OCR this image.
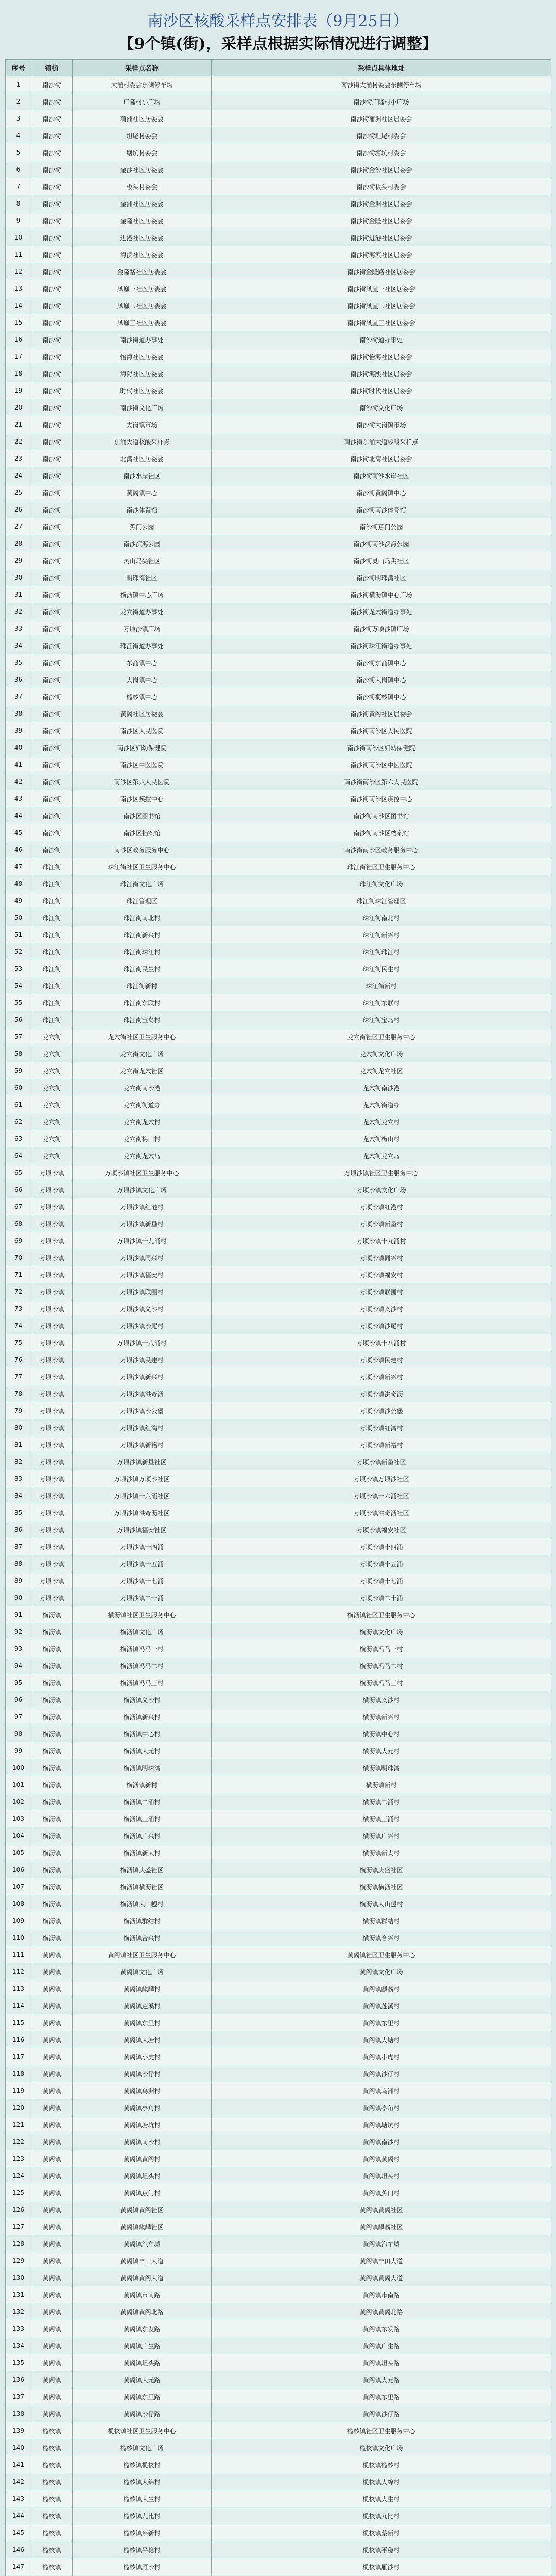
南沙区核酸采样点安排表（9月25日）
【9个镇(街)，采样点根据实际情况进行调整】
序号	镇街	采样点名称	采样点具体地址
1	南沙街	大涌村委会东侧停车场	南沙街大涌村委会东侧停车场
2	南沙街	广隆村小广场	南沙街广隆村小广场
3	南沙街	蒲洲社区居委会	南沙街蒲洲社区居委会
4	南沙街	坦尾村委会	南沙街坦尾村委会
5	南沙街	塘坑村委会	南沙街塘坑村委会
6	南沙街	金沙社区居委会	南沙街金沙社区居委会
7	南沙街	板头村委会	南沙街板头村委会
8	南沙街	金洲社区居委会	南沙街金洲社区居委会
9	南沙街	金隆社区居委会	南沙街金隆社区居委会
10	南沙街	进港社区居委会	南沙街进港社区居委会
11	南沙街	海滨社区居委会	南沙街海滨社区居委会
12	南沙街	金隆路社区居委会	南沙街金隆路社区居委会
13	南沙街	凤凰一社区居委会	南沙街凤凰一社区居委会
14	南沙街	凤凰二社区居委会	南沙街凤凰二社区居委会
15	南沙街	凤凰三社区居委会	南沙街凤凰三社区居委会
16	南沙街	南沙街道办事处	南沙街道办事处
17	南沙街	怡海社区居委会	南沙街怡海社区居委会
18	南沙街	海熙社区居委会	南沙街海熙社区居委会
19	南沙街	时代社区居委会	南沙街时代社区居委会
20	南沙街	南沙街文化广场	南沙街文化广场
21	南沙街	大岗镇市场	南沙街大岗镇市场
22	南沙街	东涌大道核酸采样点	南沙街东涌大道核酸采样点
23	南沙街	北湾社区居委会	南沙街北湾社区居委会
24	南沙街	南沙水岸社区	南沙街南沙水岸社区
25	南沙街	黄阁镇中心	南沙街黄阁镇中心
26	南沙街	南沙体育馆	南沙街南沙体育馆
27	南沙街	蕉门公园	南沙街蕉门公园
28	南沙街	南沙滨海公园	南沙街南沙滨海公园
29	南沙街	灵山岛尖社区	南沙街灵山岛尖社区
30	南沙街	明珠湾社区	南沙街明珠湾社区
31	南沙街	横沥镇中心广场	南沙街横沥镇中心广场
32	南沙街	龙穴街道办事处	南沙街龙穴街道办事处
33	南沙街	万顷沙镇广场	南沙街万顷沙镇广场
34	南沙街	珠江街道办事处	南沙街珠江街道办事处
35	南沙街	东涌镇中心	南沙街东涌镇中心
36	南沙街	大岗镇中心	南沙街大岗镇中心
37	南沙街	榄核镇中心	南沙街榄核镇中心
38	南沙街	黄阁社区居委会	南沙街黄阁社区居委会
39	南沙街	南沙区人民医院	南沙街南沙区人民医院
40	南沙街	南沙区妇幼保健院	南沙街南沙区妇幼保健院
41	南沙街	南沙区中医医院	南沙街南沙区中医医院
42	南沙街	南沙区第六人民医院	南沙街南沙区第六人民医院
43	南沙街	南沙区疾控中心	南沙街南沙区疾控中心
44	南沙街	南沙区图书馆	南沙街南沙区图书馆
45	南沙街	南沙区档案馆	南沙街南沙区档案馆
46	南沙街	南沙区政务服务中心	南沙街南沙区政务服务中心
47	珠江街	珠江街社区卫生服务中心	珠江街社区卫生服务中心
48	珠江街	珠江街文化广场	珠江街文化广场
49	珠江街	珠江管理区	珠江街珠江管理区
50	珠江街	珠江街南北村	珠江街南北村
51	珠江街	珠江街新兴村	珠江街新兴村
52	珠江街	珠江街珠江村	珠江街珠江村
53	珠江街	珠江街民生村	珠江街民生村
54	珠江街	珠江街新村	珠江街新村
55	珠江街	珠江街东联村	珠江街东联村
56	珠江街	珠江街宝岛村	珠江街宝岛村
57	龙穴街	龙穴街社区卫生服务中心	龙穴街社区卫生服务中心
58	龙穴街	龙穴街文化广场	龙穴街文化广场
59	龙穴街	龙穴街龙穴社区	龙穴街龙穴社区
60	龙穴街	龙穴街南沙港	龙穴街南沙港
61	龙穴街	龙穴街街道办	龙穴街街道办
62	龙穴街	龙穴街龙穴村	龙穴街龙穴村
63	龙穴街	龙穴街梅山村	龙穴街梅山村
64	龙穴街	龙穴街龙穴岛	龙穴街龙穴岛
65	万顷沙镇	万顷沙镇社区卫生服务中心	万顷沙镇社区卫生服务中心
66	万顷沙镇	万顷沙镇文化广场	万顷沙镇文化广场
67	万顷沙镇	万顷沙镇红港村	万顷沙镇红港村
68	万顷沙镇	万顷沙镇新垦村	万顷沙镇新垦村
69	万顷沙镇	万顷沙镇十九涌村	万顷沙镇十九涌村
70	万顷沙镇	万顷沙镇同兴村	万顷沙镇同兴村
71	万顷沙镇	万顷沙镇福安村	万顷沙镇福安村
72	万顷沙镇	万顷沙镇联围村	万顷沙镇联围村
73	万顷沙镇	万顷沙镇义沙村	万顷沙镇义沙村
74	万顷沙镇	万顷沙镇沙尾村	万顷沙镇沙尾村
75	万顷沙镇	万顷沙镇十八涌村	万顷沙镇十八涌村
76	万顷沙镇	万顷沙镇民建村	万顷沙镇民建村
77	万顷沙镇	万顷沙镇新兴村	万顷沙镇新兴村
78	万顷沙镇	万顷沙镇洪奇沥	万顷沙镇洪奇沥
79	万顷沙镇	万顷沙镇沙公堡	万顷沙镇沙公堡
80	万顷沙镇	万顷沙镇红湾村	万顷沙镇红湾村
81	万顷沙镇	万顷沙镇新裕村	万顷沙镇新裕村
82	万顷沙镇	万顷沙镇新垦社区	万顷沙镇新垦社区
83	万顷沙镇	万顷沙镇万顷沙社区	万顷沙镇万顷沙社区
84	万顷沙镇	万顷沙镇十六涌社区	万顷沙镇十六涌社区
85	万顷沙镇	万顷沙镇洪奇沥社区	万顷沙镇洪奇沥社区
86	万顷沙镇	万顷沙镇福安社区	万顷沙镇福安社区
87	万顷沙镇	万顷沙镇十四涌	万顷沙镇十四涌
88	万顷沙镇	万顷沙镇十五涌	万顷沙镇十五涌
89	万顷沙镇	万顷沙镇十七涌	万顷沙镇十七涌
90	万顷沙镇	万顷沙镇二十涌	万顷沙镇二十涌
91	横沥镇	横沥镇社区卫生服务中心	横沥镇社区卫生服务中心
92	横沥镇	横沥镇文化广场	横沥镇文化广场
93	横沥镇	横沥镇冯马一村	横沥镇冯马一村
94	横沥镇	横沥镇冯马二村	横沥镇冯马二村
95	横沥镇	横沥镇冯马三村	横沥镇冯马三村
96	横沥镇	横沥镇义沙村	横沥镇义沙村
97	横沥镇	横沥镇新兴村	横沥镇新兴村
98	横沥镇	横沥镇中心村	横沥镇中心村
99	横沥镇	横沥镇大元村	横沥镇大元村
100	横沥镇	横沥镇明珠湾	横沥镇明珠湾
101	横沥镇	横沥镇新村	横沥镇新村
102	横沥镇	横沥镇二涌村	横沥镇二涌村
103	横沥镇	横沥镇三涌村	横沥镇三涌村
104	横沥镇	横沥镇广兴村	横沥镇广兴村
105	横沥镇	横沥镇新太村	横沥镇新太村
106	横沥镇	横沥镇庆盛社区	横沥镇庆盛社区
107	横沥镇	横沥镇横沥社区	横沥镇横沥社区
108	横沥镇	横沥镇大山乸村	横沥镇大山乸村
109	横沥镇	横沥镇群结村	横沥镇群结村
110	横沥镇	横沥镇合兴村	横沥镇合兴村
111	黄阁镇	黄阁镇社区卫生服务中心	黄阁镇社区卫生服务中心
112	黄阁镇	黄阁镇文化广场	黄阁镇文化广场
113	黄阁镇	黄阁镇麒麟村	黄阁镇麒麟村
114	黄阁镇	黄阁镇莲溪村	黄阁镇莲溪村
115	黄阁镇	黄阁镇东里村	黄阁镇东里村
116	黄阁镇	黄阁镇大塘村	黄阁镇大塘村
117	黄阁镇	黄阁镇小虎村	黄阁镇小虎村
118	黄阁镇	黄阁镇沙仔村	黄阁镇沙仔村
119	黄阁镇	黄阁镇乌洲村	黄阁镇乌洲村
120	黄阁镇	黄阁镇亭角村	黄阁镇亭角村
121	黄阁镇	黄阁镇塘坑村	黄阁镇塘坑村
122	黄阁镇	黄阁镇南沙村	黄阁镇南沙村
123	黄阁镇	黄阁镇黄阁村	黄阁镇黄阁村
124	黄阁镇	黄阁镇坦头村	黄阁镇坦头村
125	黄阁镇	黄阁镇蕉门村	黄阁镇蕉门村
126	黄阁镇	黄阁镇黄阁社区	黄阁镇黄阁社区
127	黄阁镇	黄阁镇麒麟社区	黄阁镇麒麟社区
128	黄阁镇	黄阁镇汽车城	黄阁镇汽车城
129	黄阁镇	黄阁镇丰田大道	黄阁镇丰田大道
130	黄阁镇	黄阁镇黄阁大道	黄阁镇黄阁大道
131	黄阁镇	黄阁镇市南路	黄阁镇市南路
132	黄阁镇	黄阁镇黄阁北路	黄阁镇黄阁北路
133	黄阁镇	黄阁镇东发路	黄阁镇东发路
134	黄阁镇	黄阁镇广生路	黄阁镇广生路
135	黄阁镇	黄阁镇坦头路	黄阁镇坦头路
136	黄阁镇	黄阁镇大元路	黄阁镇大元路
137	黄阁镇	黄阁镇东里路	黄阁镇东里路
138	黄阁镇	黄阁镇沙仔路	黄阁镇沙仔路
139	榄核镇	榄核镇社区卫生服务中心	榄核镇社区卫生服务中心
140	榄核镇	榄核镇文化广场	榄核镇文化广场
141	榄核镇	榄核镇榄核村	榄核镇榄核村
142	榄核镇	榄核镇人绵村	榄核镇人绵村
143	榄核镇	榄核镇大生村	榄核镇大生村
144	榄核镇	榄核镇九比村	榄核镇九比村
145	榄核镇	榄核镇蔡新村	榄核镇蔡新村
146	榄核镇	榄核镇平稳村	榄核镇平稳村
147	榄核镇	榄核镇雁沙村	榄核镇雁沙村
